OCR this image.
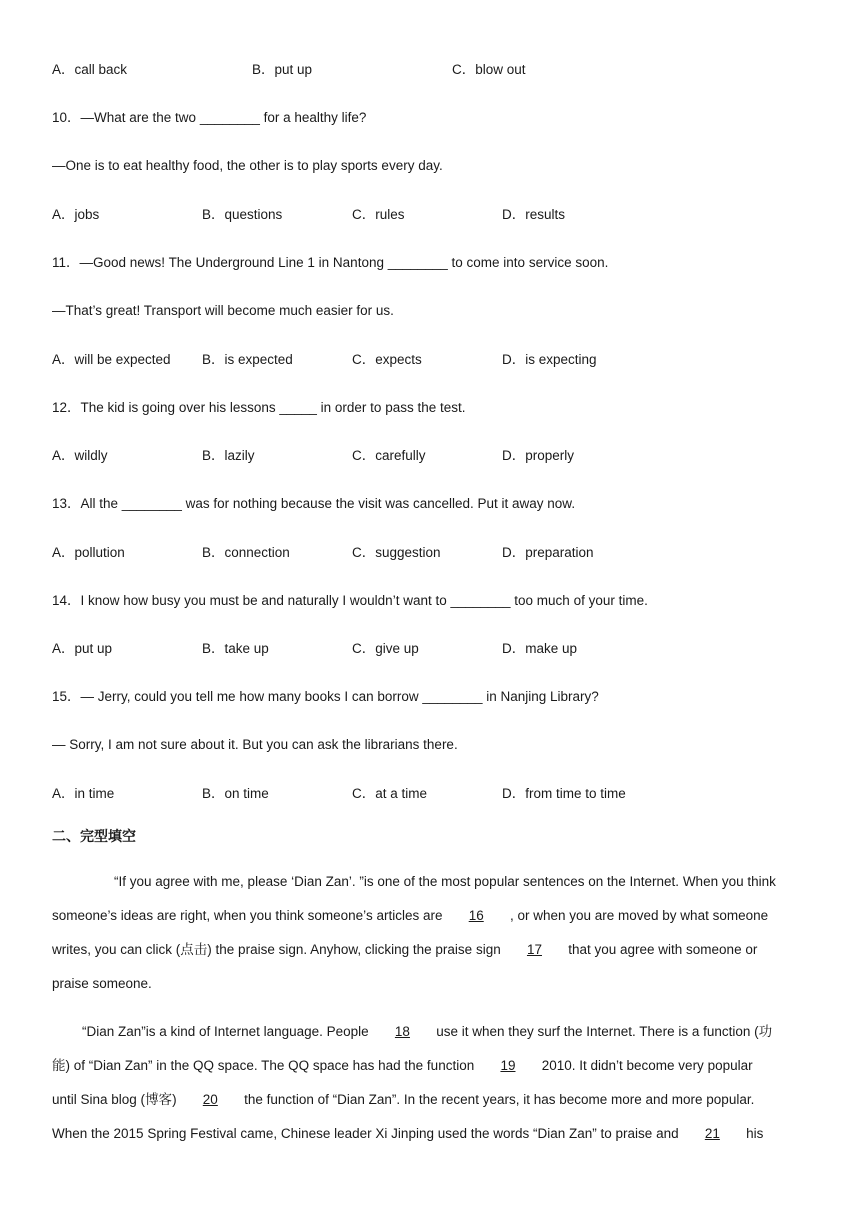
A．call back	B．put up	C．blow out
10．—What are the two ________ for a healthy life?
—One is to eat healthy food, the other is to play sports every day.
A．jobs	B．questions	C．rules	D．results
11．—Good news! The Underground Line 1 in Nantong ________ to come into service soon.
—That’s great! Transport will become much easier for us.
A．will be expected B．is expected	C．expects	D．is expecting
12．The kid is going over his lessons _____ in order to pass the test.
A．wildly	B．lazily	C．carefully	D．properly
13．All the ________ was for nothing because the visit was cancelled. Put it away now.
A．pollution	B．connection	C．suggestion	D．preparation
14．I know how busy you must be and naturally I wouldn’t want to ________ too much of your time.
A．put up	B．take up	C．give up	D．make up
15．— Jerry, could you tell me how many books I can borrow ________ in Nanjing Library?
— Sorry, I am not sure about it. But you can ask the librarians there.
A．in time	B．on time	C．at a time	D．from time to time
二、完型填空
“If you agree with me, please ‘Dian Zan’. ”is one of the most popular sentences on the Internet. When you think
someone’s ideas are right, when you think someone’s articles are 16 , or when you are moved by what someone
writes, you can click (点击) the praise sign. Anyhow, clicking the praise sign 17 that you agree with someone or
praise someone.
“Dian Zan”is a kind of Internet language. People 18 use it when they surf the Internet. There is a function (功
能) of “Dian Zan” in the QQ space. The QQ space has had the function 19 2010. It didn’t become very popular
until Sina blog (博客) 20 the function of “Dian Zan”. In the recent years, it has become more and more popular.
When the 2015 Spring Festival came, Chinese leader Xi Jinping used the words “Dian Zan” to praise and 21 his
